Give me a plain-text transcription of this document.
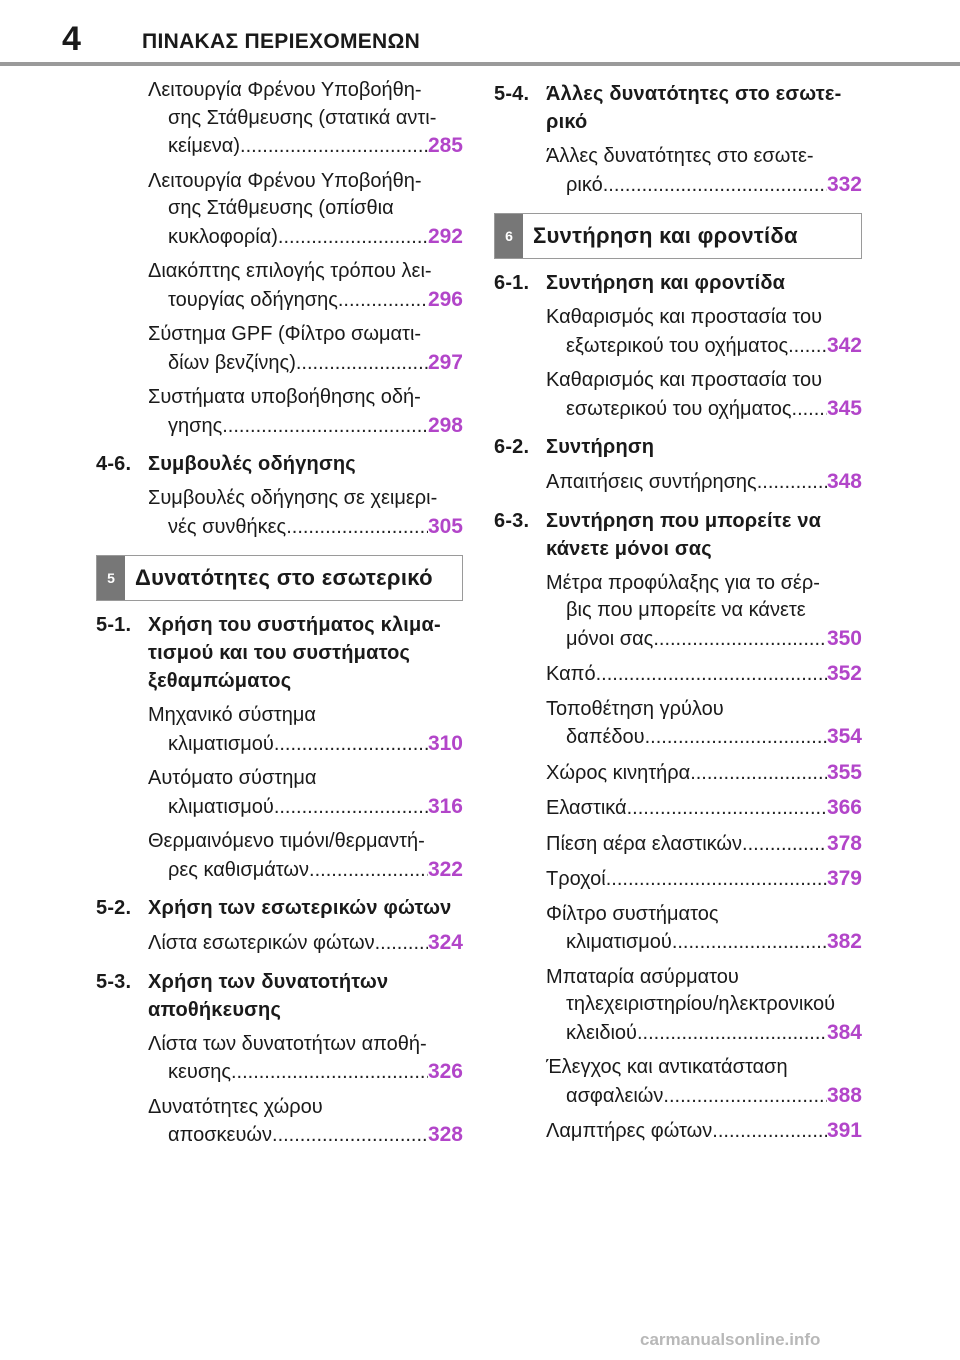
4	ΠΙΝΑΚΑΣ ΠΕΡΙΕΧΟΜΕΝΩΝ
Λειτουργία Φρένου Υποβοήθη-
σης Στάθμευσης (στατικά αντι-
κείμενα) .....	285
Λειτουργία Φρένου Υποβοήθη-
σης Στάθμευσης (οπίσθια
κυκλοφορία) .....	292
Διακόπτης επιλογής τρόπου λει-
τουργίας οδήγησης .....	296
Σύστημα GPF (Φίλτρο σωματι-
δίων βενζίνης) .....	297
Συστήματα υποβοήθησης οδή-
γησης .....	298
4-6. Συμβουλές οδήγησης
Συμβουλές οδήγησης σε χειμερι-
νές συνθήκες .....	305
5 Δυνατότητες στο εσωτερικό
5-1. Χρήση του συστήματος κλιμα-τισμού και του συστήματος ξεθαμπώματος
Μηχανικό σύστημα
κλιματισμού .....	310
Αυτόματο σύστημα
κλιματισμού .....	316
Θερμαινόμενο τιμόνι/θερμαντή-
ρες καθισμάτων .....	322
5-2. Χρήση των εσωτερικών φώτων
Λίστα εσωτερικών φώτων .....	324
5-3. Χρήση των δυνατοτήτων αποθήκευσης
Λίστα των δυνατοτήτων αποθή-
κευσης .....	326
Δυνατότητες χώρου
αποσκευών .....	328
5-4. Άλλες δυνατότητες στο εσωτε-ρικό
Άλλες δυνατότητες στο εσωτε-
ρικό .....	332
6 Συντήρηση και φροντίδα
6-1. Συντήρηση και φροντίδα
Καθαρισμός και προστασία του
εξωτερικού του οχήματος ..... 342
Καθαρισμός και προστασία του
εσωτερικού του οχήματος ..... 345
6-2. Συντήρηση
Απαιτήσεις συντήρησης .....	348
6-3. Συντήρηση που μπορείτε να κάνετε μόνοι σας
Μέτρα προφύλαξης για το σέρ-
βις που μπορείτε να κάνετε
μόνοι σας .....	350
Καπό .....	352
Τοποθέτηση γρύλου
δαπέδου .....	354
Χώρος κινητήρα .....	355
Ελαστικά .....	366
Πίεση αέρα ελαστικών .....	378
Τροχοί .....	379
Φίλτρο συστήματος
κλιματισμού .....	382
Μπαταρία ασύρματου
τηλεχειριστηρίου/ηλεκτρονικού
κλειδιού .....	384
Έλεγχος και αντικατάσταση
ασφαλειών .....	388
Λαμπτήρες φώτων .....	391
carmanualsonline.info
